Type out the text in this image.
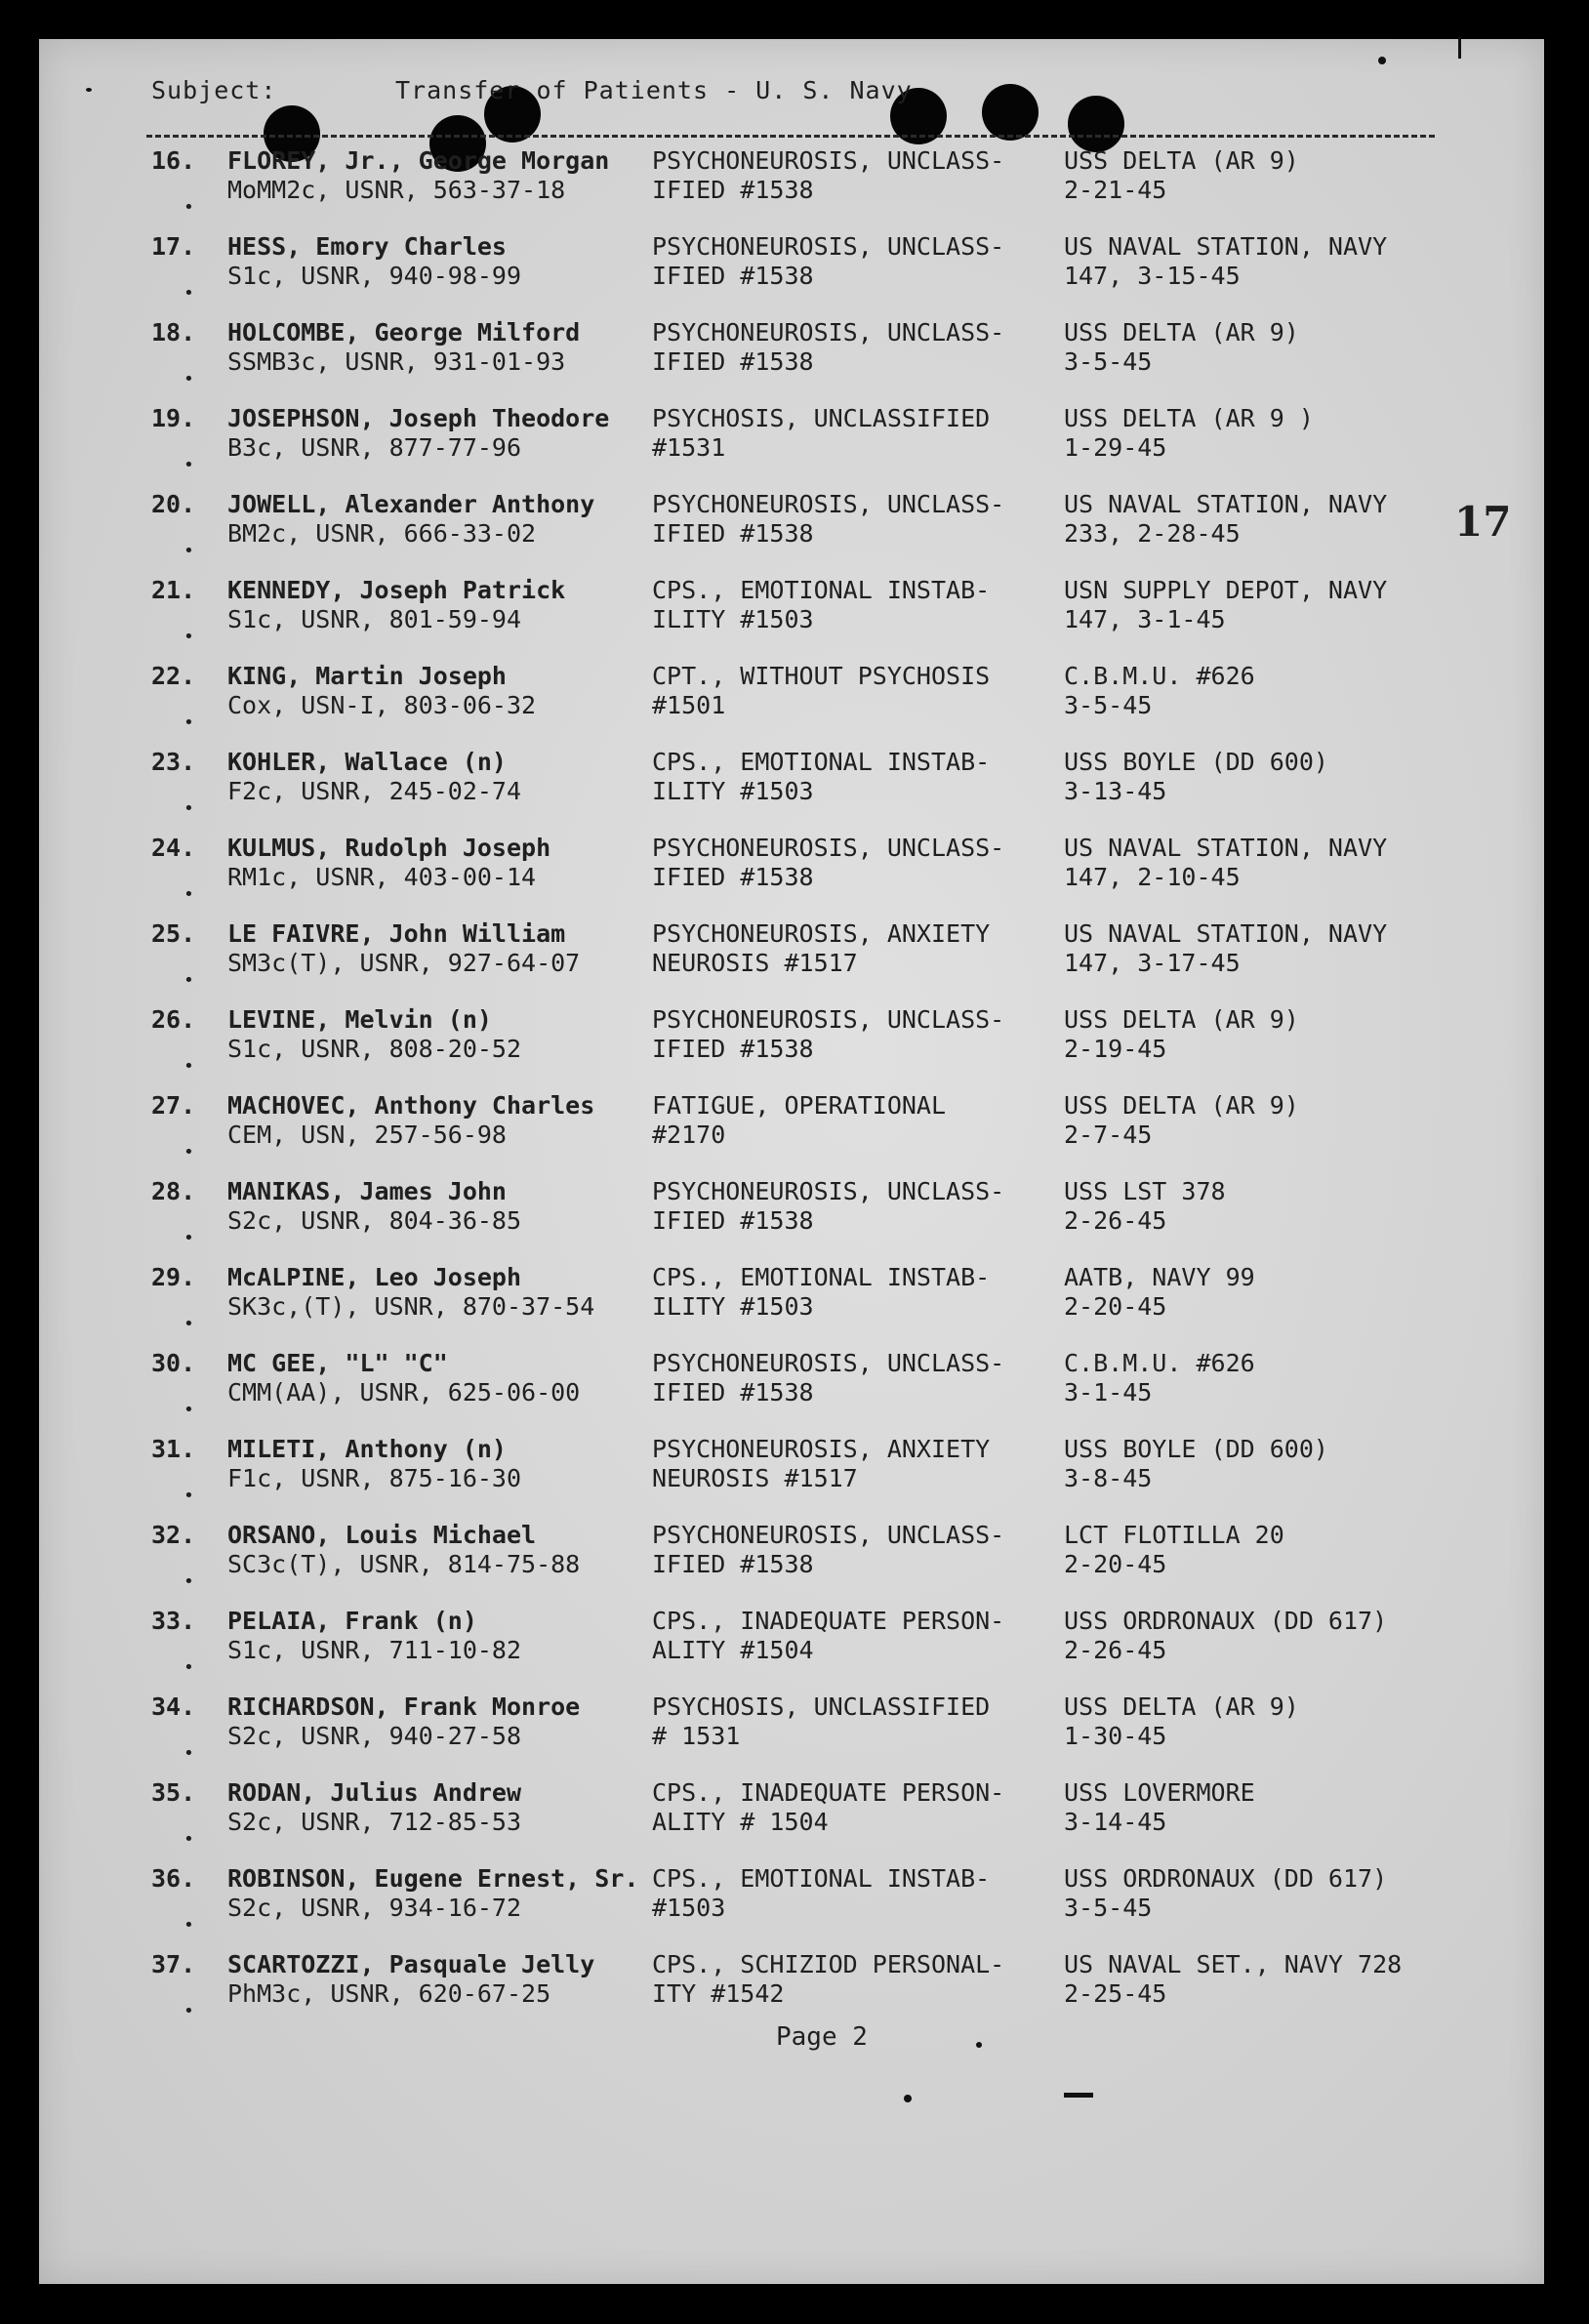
Subject:	Transfer of Patients - U. S. Navy
16. FLOREY, Jr., George Morgan
MoMM2c, USNR, 563-37-18
PSYCHONEUROSIS, UNCLASS-
IFIED #1538
USS DELTA (AR 9)
2-21-45
•
17. HESS, Emory Charles
S1c, USNR, 940-98-99
PSYCHONEUROSIS, UNCLASS-
IFIED #1538
US NAVAL STATION, NAVY
147, 3-15-45
•
18. HOLCOMBE, George Milford
SSMB3c, USNR, 931-01-93
PSYCHONEUROSIS, UNCLASS-
IFIED #1538
USS DELTA (AR 9)
3-5-45
•
19. JOSEPHSON, Joseph Theodore
B3c, USNR, 877-77-96
PSYCHOSIS, UNCLASSIFIED
#1531
USS DELTA (AR 9 )
1-29-45
•
20. JOWELL, Alexander Anthony
BM2c, USNR, 666-33-02
PSYCHONEUROSIS, UNCLASS-
IFIED #1538
US NAVAL STATION, NAVY
233, 2-28-45
•
21. KENNEDY, Joseph Patrick
S1c, USNR, 801-59-94
CPS., EMOTIONAL INSTAB-
ILITY #1503
USN SUPPLY DEPOT, NAVY
147, 3-1-45
•
22. KING, Martin Joseph
Cox, USN-I, 803-06-32
CPT., WITHOUT PSYCHOSIS
#1501
C.B.M.U. #626
3-5-45
•
23. KOHLER, Wallace (n)
F2c, USNR, 245-02-74
CPS., EMOTIONAL INSTAB-
ILITY #1503
USS BOYLE (DD 600)
3-13-45
•
24. KULMUS, Rudolph Joseph
RM1c, USNR, 403-00-14
PSYCHONEUROSIS, UNCLASS-
IFIED #1538
US NAVAL STATION, NAVY
147, 2-10-45
•
25. LE FAIVRE, John William
SM3c(T), USNR, 927-64-07
PSYCHONEUROSIS, ANXIETY
NEUROSIS #1517
US NAVAL STATION, NAVY
147, 3-17-45
•
26. LEVINE, Melvin (n)
S1c, USNR, 808-20-52
PSYCHONEUROSIS, UNCLASS-
IFIED #1538
USS DELTA (AR 9)
2-19-45
•
27. MACHOVEC, Anthony Charles
CEM, USN, 257-56-98
FATIGUE, OPERATIONAL
#2170
USS DELTA (AR 9)
2-7-45
•
28. MANIKAS, James John
S2c, USNR, 804-36-85
PSYCHONEUROSIS, UNCLASS-
IFIED #1538
USS LST 378
2-26-45
•
29. McALPINE, Leo Joseph
SK3c,(T), USNR, 870-37-54
CPS., EMOTIONAL INSTAB-
ILITY #1503
AATB, NAVY 99
2-20-45
•
30. MC GEE, "L" "C"
CMM(AA), USNR, 625-06-00
PSYCHONEUROSIS, UNCLASS-
IFIED #1538
C.B.M.U. #626
3-1-45
•
31. MILETI, Anthony (n)
F1c, USNR, 875-16-30
PSYCHONEUROSIS, ANXIETY
NEUROSIS #1517
USS BOYLE (DD 600)
3-8-45
•
32. ORSANO, Louis Michael
SC3c(T), USNR, 814-75-88
PSYCHONEUROSIS, UNCLASS-
IFIED #1538
LCT FLOTILLA 20
2-20-45
•
33. PELAIA, Frank (n)
S1c, USNR, 711-10-82
CPS., INADEQUATE PERSON-
ALITY #1504
USS ORDRONAUX (DD 617)
2-26-45
•
34. RICHARDSON, Frank Monroe
S2c, USNR, 940-27-58
PSYCHOSIS, UNCLASSIFIED
# 1531
USS DELTA (AR 9)
1-30-45
•
35. RODAN, Julius Andrew
S2c, USNR, 712-85-53
CPS., INADEQUATE PERSON-
ALITY # 1504
USS LOVERMORE
3-14-45
•
36. ROBINSON, Eugene Ernest, Sr.
S2c, USNR, 934-16-72
CPS., EMOTIONAL INSTAB-
#1503
USS ORDRONAUX (DD 617)
3-5-45
•
37. SCARTOZZI, Pasquale Jelly
PhM3c, USNR, 620-67-25
CPS., SCHIZIOD PERSONAL-
ITY #1542
US NAVAL SET., NAVY 728
2-25-45
•
17
Page 2
